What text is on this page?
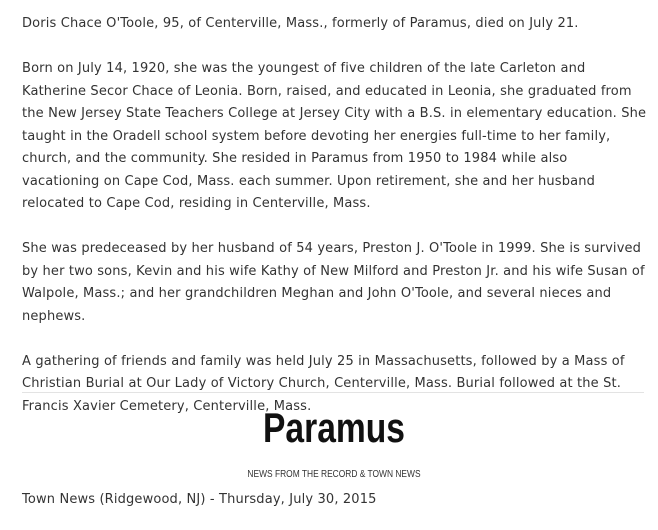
Doris Chace O'Toole, 95, of Centerville, Mass., formerly of Paramus, died on July 21.

Born on July 14, 1920, she was the youngest of five children of the late Carleton and Katherine Secor Chace of Leonia. Born, raised, and educated in Leonia, she graduated from the New Jersey State Teachers College at Jersey City with a B.S. in elementary education. She taught in the Oradell school system before devoting her energies full-time to her family, church, and the community. She resided in Paramus from 1950 to 1984 while also vacationing on Cape Cod, Mass. each summer. Upon retirement, she and her husband relocated to Cape Cod, residing in Centerville, Mass.

She was predeceased by her husband of 54 years, Preston J. O'Toole in 1999. She is survived by her two sons, Kevin and his wife Kathy of New Milford and Preston Jr. and his wife Susan of Walpole, Mass.; and her grandchildren Meghan and John O'Toole, and several nieces and nephews.

A gathering of friends and family was held July 25 in Massachusetts, followed by a Mass of Christian Burial at Our Lady of Victory Church, Centerville, Mass. Burial followed at the St. Francis Xavier Cemetery, Centerville, Mass.

Paramus
NEWS FROM THE RECORD & TOWN NEWS
Town News (Ridgewood, NJ) - Thursday, July 30, 2015
